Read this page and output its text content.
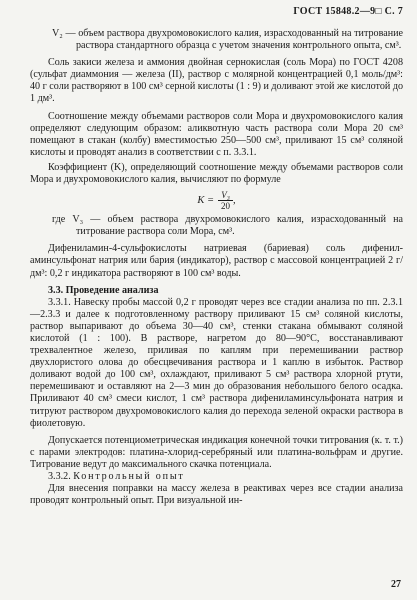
ГОСТ 15848.2—9□ С. 7

V₂ — объем раствора двухромовокислого калия, израсходованный на титрование раствора стандартного образца с учетом значения контрольного опыта, см³.

Соль закиси железа и аммония двойная сернокислая (соль Мора) по ГОСТ 4208 (сульфат диаммония — железа (II), раствор с молярной концентрацией 0,1 моль/дм³: 40 г соли растворяют в 100 см³ серной кислоты (1 : 9) и доливают этой же кислотой до 1 дм³.

Соотношение между объемами растворов соли Мора и двухромовокислого калия определяют следующим образом: аликвотную часть раствора соли Мора 20 см³ помещают в стакан (колбу) вместимостью 250—500 см³, приливают 15 см³ соляной кислоты и проводят анализ в соответствии с п. 3.3.1.

Коэффициент (K), определяющий соотношение между объемами растворов соли Мора и двухромовокислого калия, вычисляют по формуле

$K = \frac{\text{V₃}}{20}$ ,

где V₃ — объем раствора двухромовокислого калия, израсходованный на титрование раствора соли Мора, см³.

Дифениламин-4-сульфокислоты натриевая (бариевая) соль дифенил-аминсульфонат натрия или бария (индикатор), раствор с массовой концентрацией 2 г/дм³: 0,2 г индикатора растворяют в 100 см³ воды.

3.3. Проведение анализа

3.3.1. Навеску пробы массой 0,2 г проводят через все стадии анализа по пп. 2.3.1—2.3.3 и далее к подготовленному раствору приливают 15 см³ соляной кислоты, раствор выпаривают до объема 30—40 см³, стенки стакана обмывают соляной кислотой (1 : 100). В растворе, нагретом до 80—90°С, восстанавливают трехвалентное железо, приливая по каплям при перемешивании раствор двухлористого олова до обесцвечивания раствора и 1 каплю в избыток. Раствор доливают водой до 100 см³, охлаждают, приливают 5 см³ раствора хлорной ртути, перемешивают и оставляют на 2—3 мин до образования небольшого белого осадка. Приливают 40 см³ смеси кислот, 1 см³ раствора дифениламинсульфоната натрия и титруют раствором двухромовокислого калия до перехода зеленой окраски раствора в фиолетовую.

Допускается потенциометрическая индикация конечной точки титрования (к. т. т.) с парами электродов: платина-хлорид-серебряный или платина-вольфрам и другие. Титрование ведут до максимального скачка потенциала.

3.3.2. Контрольный опыт

Для внесения поправки на массу железа в реактивах через все стадии анализа проводят контрольный опыт. При визуальной ин-

27
